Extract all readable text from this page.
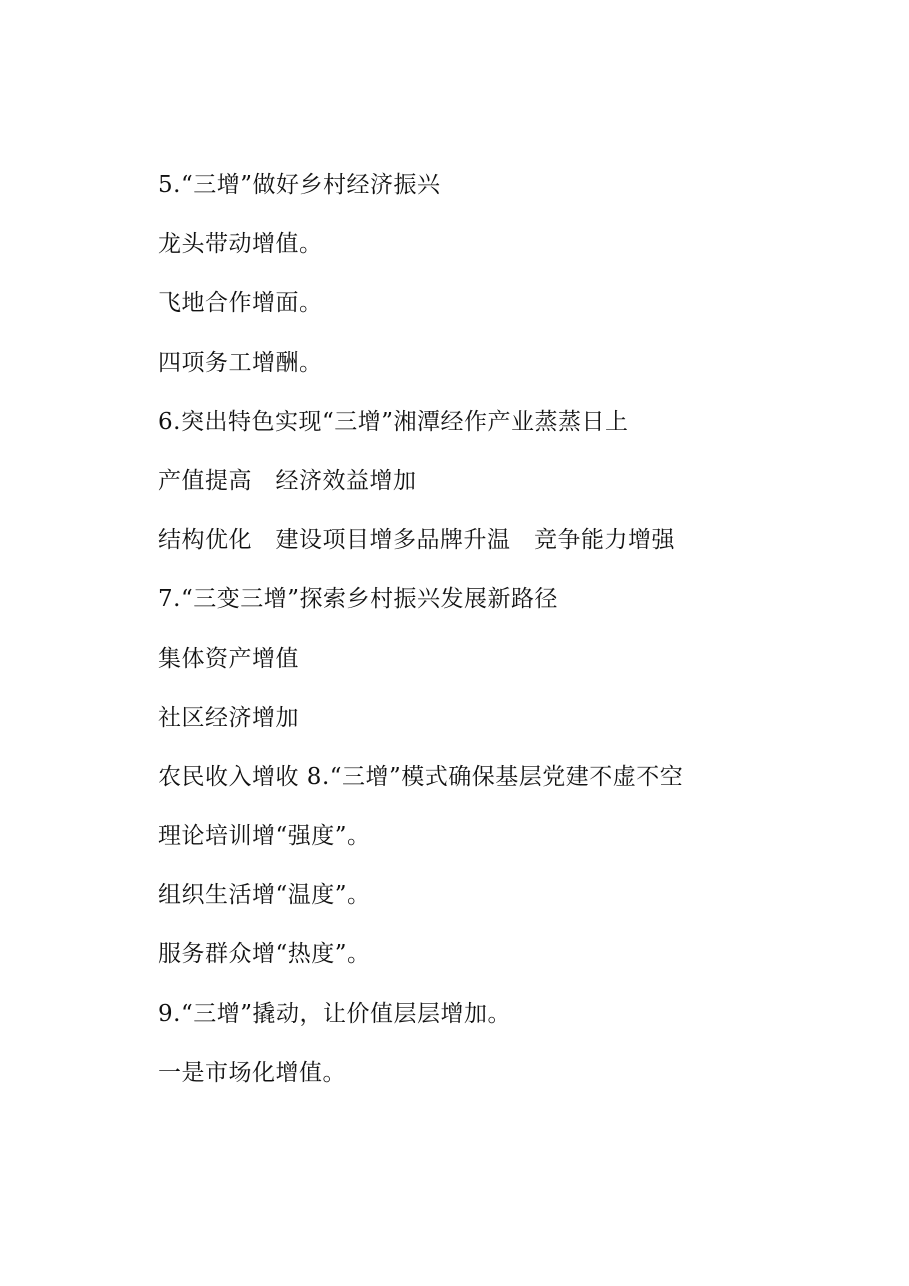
5.“三增”做好乡村经济振兴
龙头带动增值。
飞地合作增面。
四项务工增酬。
6.突出特色实现“三增”湘潭经作产业蒸蒸日上
产值提高　经济效益增加
结构优化　建设项目增多品牌升温　竞争能力增强
7.“三变三增”探索乡村振兴发展新路径
集体资产增值
社区经济增加
农民收入增收 8.“三增”模式确保基层党建不虚不空
理论培训增“强度”。
组织生活增“温度”。
服务群众增“热度”。
9.“三增”撬动，让价值层层增加。
一是市场化增值。
